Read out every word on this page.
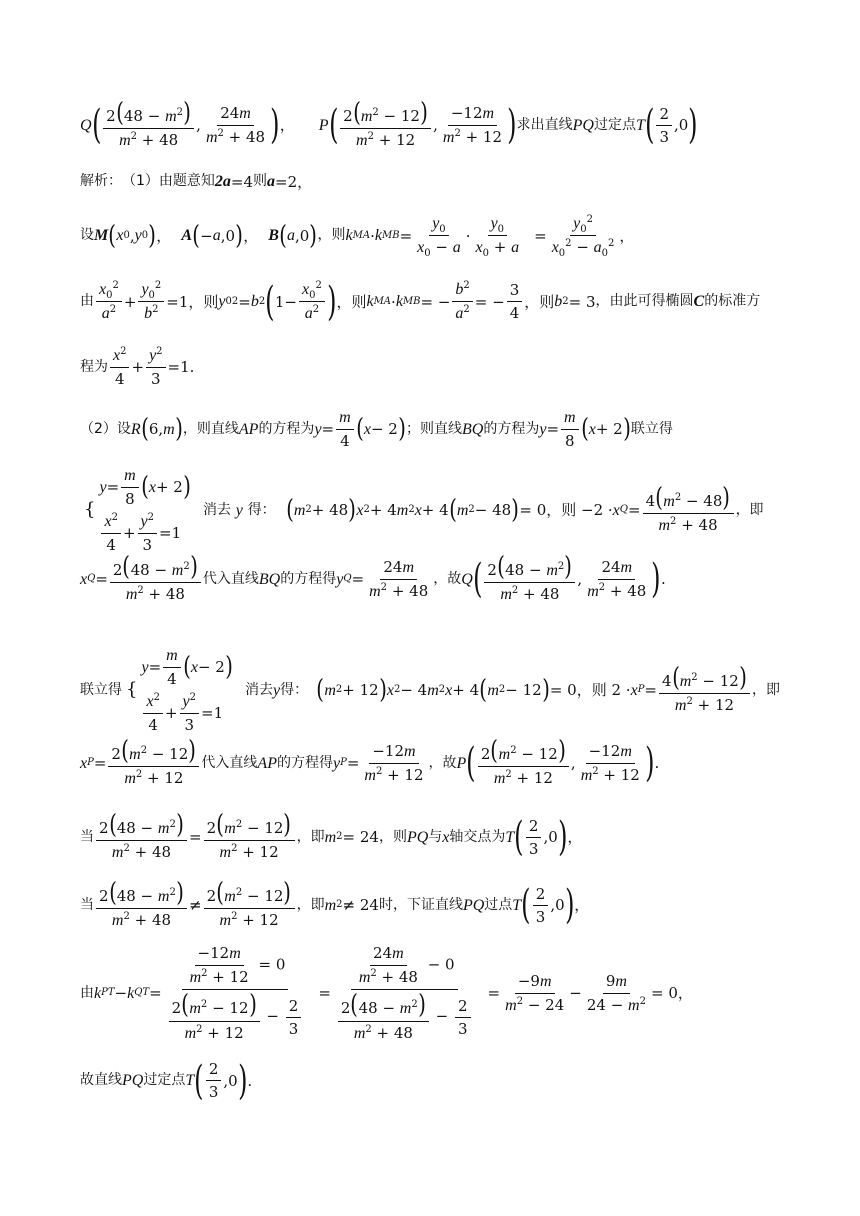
Q ( $\frac{2(48 - m^2)}{m^2 + 48}$ , $\frac{24m}{m^2 + 48}$ ) ， P ( $\frac{2(m^2 - 12)}{m^2 + 12}$ , $\frac{-12m}{m^2 + 12}$ ) 求出直线 PQ 过定点 T ( $\frac{2}{3} ,0$ )
解析： （1）由题意知 2a =4 则 a =2，
设 M ( x 0 , y 0 ) ， A ( − a ,0 ) ， B ( a ,0 ) ，则 k MA · k MB = $\frac{y_0}{x_0 - a} \cdot \frac{y_0}{x_0 + a} = \frac{y_0^2}{x_0^2 - a_0^2}$ ，
由 $\frac{x_0^2}{a^2} + \frac{y_0^2}{b^2} =1$，则 y 0 2 = b 2 ( $1- \frac{x_0^2}{a^2}$ ) ，则 k MA · k MB = − $\frac{b^2}{a^2}$ = − $\frac{3}{4}$ ，则 b 2 = 3 ，由此可得椭圆 C 的标准方
程为 $\frac{x^2}{4} + \frac{y^2}{3} =1$.
（2）设 R ( 6, m ) ，则直线 AP 的方程为 $y = \frac{m}{4}$ ( x − 2 ) ；则直线 BQ 的方程为 $y = \frac{m}{8}$ ( x + 2 ) 联立得
{
$y = \frac{m}{8}$ ( x + 2 )
$\frac{x^2}{4} + \frac{y^2}{3} =1$
消去
y
得： ( m 2 + 48 ) x 2 + 4 m 2 x + 4 ( m 2 − 48 ) = 0，则 −2 · x $Q = \frac{4(m^2 - 48)}{m^2 + 48}$ ，即
x $Q = \frac{2(48 - m^2)}{m^2 + 48}$ 代入直线 BQ 的方程得 y $Q = \frac{24m}{m^2 + 48}$ ，故 Q ( $\frac{2(48 - m^2)}{m^2 + 48}$ , $\frac{24m}{m^2 + 48}$ ) .
联立得 {
$y = \frac{m}{4}$ ( x − 2 )
$\frac{x^2}{4} + \frac{y^2}{3} =1$
消去 y 得： ( m 2 + 12 ) x 2 − 4 m 2 x + 4 ( m 2 − 12 ) = 0，则 2 · x $P = \frac{4(m^2 - 12)}{m^2 + 12}$ ，即
x $P = \frac{2(m^2 - 12)}{m^2 + 12}$ 代入直线 AP 的方程得 y $P = \frac{-12m}{m^2 + 12}$ ，故 P ( $\frac{2(m^2 - 12)}{m^2 + 12}$ , $\frac{-12m}{m^2 + 12}$ ) .
当 $\frac{2(48 - m^2)}{m^2 + 48} = \frac{2(m^2 - 12)}{m^2 + 12}$ ，即 m 2 = 24 ，则 PQ 与 x 轴交点为 T ( $\frac{2}{3} ,0$ ) ，
当 $\frac{2(48 - m^2)}{m^2 + 48} \ne \frac{2(m^2 - 12)}{m^2 + 12}$ ，即 m 2 ≠ 24 时，下证直线 PQ 过点 T ( $\frac{2}{3} ,0$ ) ，
由 k PT − k QT = $\frac{\frac{-12m}{m^2 + 12} = 0}{\frac{2(m^2 - 12)}{m^2 + 12} - \frac{2}{3}} = \frac{\frac{24m}{m^2 + 48} - 0}{\frac{2(48 - m^2)}{m^2 + 48} - \frac{2}{3}} = \frac{-9m}{m^2 - 24} - \frac{9m}{24 - m^2} = 0$，
故直线 PQ 过定点 T ( $\frac{2}{3} ,0$ ) .
